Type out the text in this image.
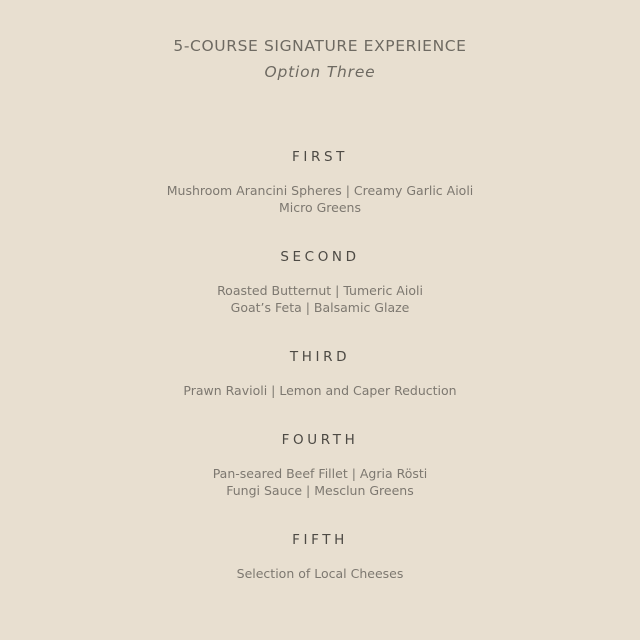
5-COURSE SIGNATURE EXPERIENCE
Option Three
FIRST
Mushroom Arancini Spheres | Creamy Garlic Aioli
Micro Greens
SECOND
Roasted Butternut | Tumeric Aioli
Goat’s Feta | Balsamic Glaze
THIRD
Prawn Ravioli | Lemon and Caper Reduction
FOURTH
Pan-seared Beef Fillet | Agria Rösti
Fungi Sauce | Mesclun Greens
FIFTH
Selection of Local Cheeses
